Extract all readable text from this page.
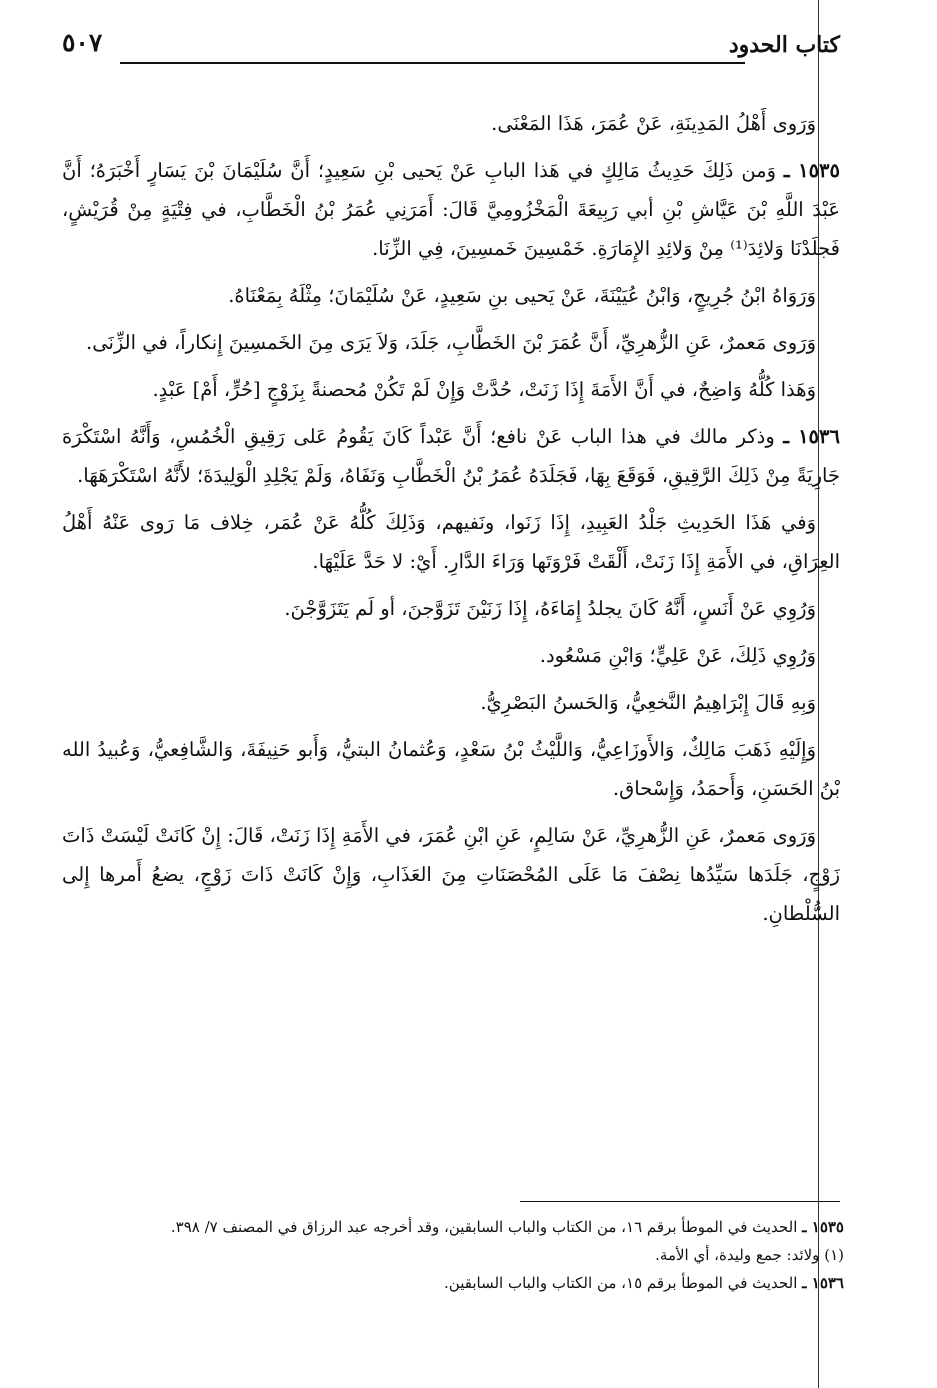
كتاب الحدود
٥٠٧

وَرَوى أَهْلُ المَدِينَةِ، عَنْ عُمَرَ، هَذَا المَعْنَى.

١٥٣٥ ـ وَمن ذَلِكَ حَدِيثُ مَالِكٍ في هَذا البابِ عَنْ يَحيى بْنِ سَعِيدٍ؛ أَنَّ سُلَيْمَانَ بْنَ يَسَارٍ أَخْبَرَهُ؛ أَنَّ عَبْدَ اللَّهِ بْنَ عَيَّاشِ بْنِ أبي رَبِيعَةَ الْمَخْزُومِيَّ قَالَ: أَمَرَنِي عُمَرُ بْنُ الْخَطَّابِ، في فِتْيَةٍ مِنْ قُرَيْشٍ، فَجلَدْنَا وَلائِدَ⁽¹⁾ مِنْ وَلائِدِ الإِمَارَةِ. خَمْسِينَ خَمسِينَ، فِي الزِّنَا.

وَرَوَاهُ ابْنُ جُرِيجٍ، وَابْنُ عُيَيْنَةَ، عَنْ يَحيى بنِ سَعِيدٍ، عَنْ سُلَيْمَانَ؛ مِثْلَهُ بِمَعْنَاهُ.

وَرَوى مَعمرٌ، عَنِ الزُّهرِيِّ، أَنَّ عُمَرَ بْنَ الخَطَّابِ، جَلَدَ، وَلاَ يَرَى مِنَ الخَمسِينَ إِنكاراً، في الزِّنَى.

وَهَذا كُلُّهُ وَاضِحٌ، في أَنَّ الأَمَةَ إِذَا زَنَتْ، حُدَّتْ وَإِنْ لَمْ تَكُنْ مُحصنةً بِزَوْجٍ [حُرٍّ، أَمْ] عَبْدٍ.

١٥٣٦ ـ وذكر مالك في هذا الباب عَنْ نافع؛ أَنَّ عَبْداً كَانَ يَقُومُ عَلى رَقِيقِ الْخُمُسِ، وَأَنَّهُ اسْتَكْرَهَ جَارِيَةً مِنْ ذَلِكَ الرَّقِيقِ، فَوَقَعَ بِهَا، فَجَلَدَهُ عُمَرُ بْنُ الْخَطَّابِ وَنَفَاهُ، وَلَمْ يَجْلِدِ الْوَلِيدَةَ؛ لأَنَّهُ اسْتَكْرَهَهَا.

وَفي هَذَا الحَدِيثِ جَلْدُ العَبِيدِ، إِذَا زَنَوا، ونَفيهم، وَذَلِكَ كُلُّهُ عَنْ عُمَر، خِلاف مَا رَوى عَنْهُ أَهْلُ العِرَاقِ، في الأَمَةِ إِذَا زَنَتْ، أَلْقَتْ فَرْوَتَها وَرَاءَ الدَّارِ. أَيْ: لا حَدَّ عَلَيْهَا.

وَرُوِي عَنْ أَنَسٍ، أَنَّهُ كَانَ يجلدُ إِمَاءَهُ، إِذَا زَنَيْنَ تَزَوَّجنَ، أو لَم يَتَزَوَّجْنَ.

وَرُوِي ذَلِكَ، عَنْ عَلِيٍّ؛ وَابْنِ مَسْعُود.

وَبِهِ قَالَ إِبْرَاهِيمُ النَّخعِيُّ، وَالحَسنُ البَصْرِيُّ.

وَإِلَيْهِ ذَهَبَ مَالِكٌ، وَالأَوزَاعِيُّ، وَاللَّيْثُ بْنُ سَعْدٍ، وَعُثمانُ البتيُّ، وَأَبو حَنِيفَةَ، وَالشَّافِعيُّ، وَعُبيدُ الله بْنُ الحَسَنِ، وَأَحمَدُ، وَإِسْحاق.

وَرَوى مَعمرٌ، عَنِ الزُّهرِيِّ، عَنْ سَالِمٍ، عَنِ ابْنِ عُمَرَ، في الأَمَةِ إِذَا زَنَتْ، قَالَ: إِنْ كَانَتْ لَيْسَتْ ذَاتَ زَوْجٍ، جَلَدَها سَيِّدُها نِصْفَ مَا عَلَى المُحْصَنَاتِ مِنَ العَذَابِ، وَإِنْ كَانَتْ ذَاتَ زَوْجٍ، يضعُ أَمرها إِلى السُّلْطانِ.

١٥٣٥ ـ الحديث في الموطأ برقم ١٦، من الكتاب والباب السابقين، وقد أخرجه عبد الرزاق في المصنف ٧/ ٣٩٨.

(١) ولائد: جمع وليدة، أي الأمة.

١٥٣٦ ـ الحديث في الموطأ برقم ١٥، من الكتاب والباب السابقين.
